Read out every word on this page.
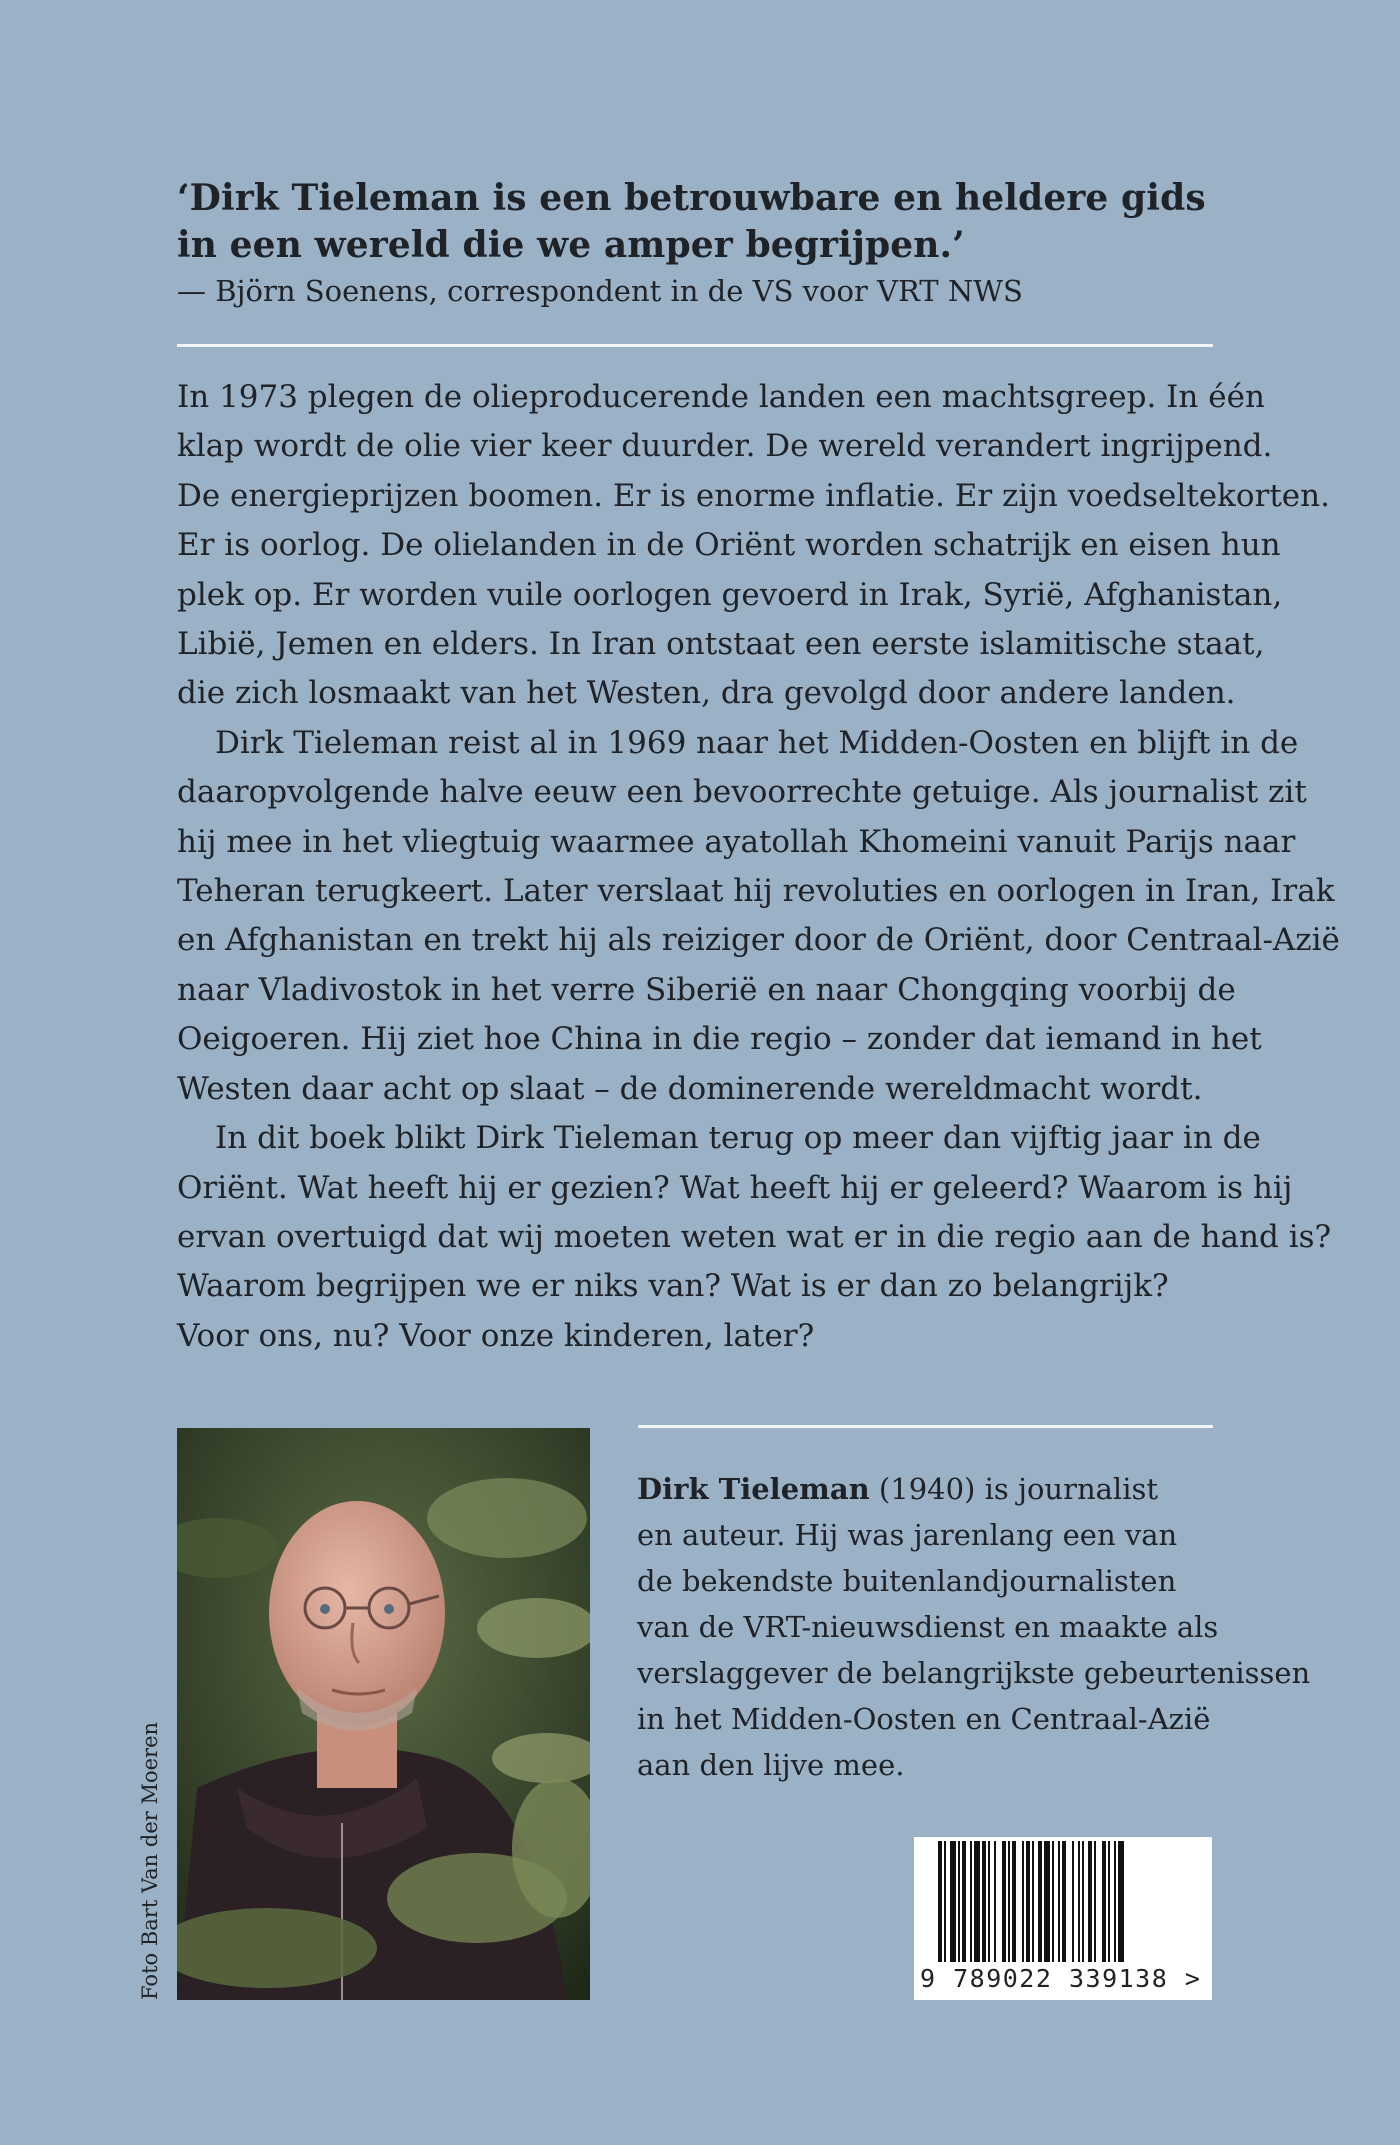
‘Dirk Tieleman is een betrouwbare en heldere gids
in een wereld die we amper begrijpen.’
— Björn Soenens, correspondent in de VS voor VRT NWS
In 1973 plegen de olieproducerende landen een machtsgreep. In één
klap wordt de olie vier keer duurder. De wereld verandert ingrijpend.
De energieprijzen boomen. Er is enorme inflatie. Er zijn voedseltekorten.
Er is oorlog. De olielanden in de Oriënt worden schatrijk en eisen hun
plek op. Er worden vuile oorlogen gevoerd in Irak, Syrië, Afghanistan,
Libië, Jemen en elders. In Iran ontstaat een eerste islamitische staat,
die zich losmaakt van het Westen, dra gevolgd door andere landen.
Dirk Tieleman reist al in 1969 naar het Midden-Oosten en blijft in de
daaropvolgende halve eeuw een bevoorrechte getuige. Als journalist zit
hij mee in het vliegtuig waarmee ayatollah Khomeini vanuit Parijs naar
Teheran terugkeert. Later verslaat hij revoluties en oorlogen in Iran, Irak
en Afghanistan en trekt hij als reiziger door de Oriënt, door Centraal-Azië
naar Vladivostok in het verre Siberië en naar Chongqing voorbij de
Oeigoeren. Hij ziet hoe China in die regio – zonder dat iemand in het
Westen daar acht op slaat – de dominerende wereldmacht wordt.
In dit boek blikt Dirk Tieleman terug op meer dan vijftig jaar in de
Oriënt. Wat heeft hij er gezien? Wat heeft hij er geleerd? Waarom is hij
ervan overtuigd dat wij moeten weten wat er in die regio aan de hand is?
Waarom begrijpen we er niks van? Wat is er dan zo belangrijk?
Voor ons, nu? Voor onze kinderen, later?
Foto Bart Van der Moeren
Dirk Tieleman (1940) is journalist
en auteur. Hij was jarenlang een van
de bekendste buitenlandjournalisten
van de VRT-nieuwsdienst en maakte als
verslaggever de belangrijkste gebeurtenissen
in het Midden-Oosten en Centraal-Azië
aan den lijve mee.
9 789022 339138 >
